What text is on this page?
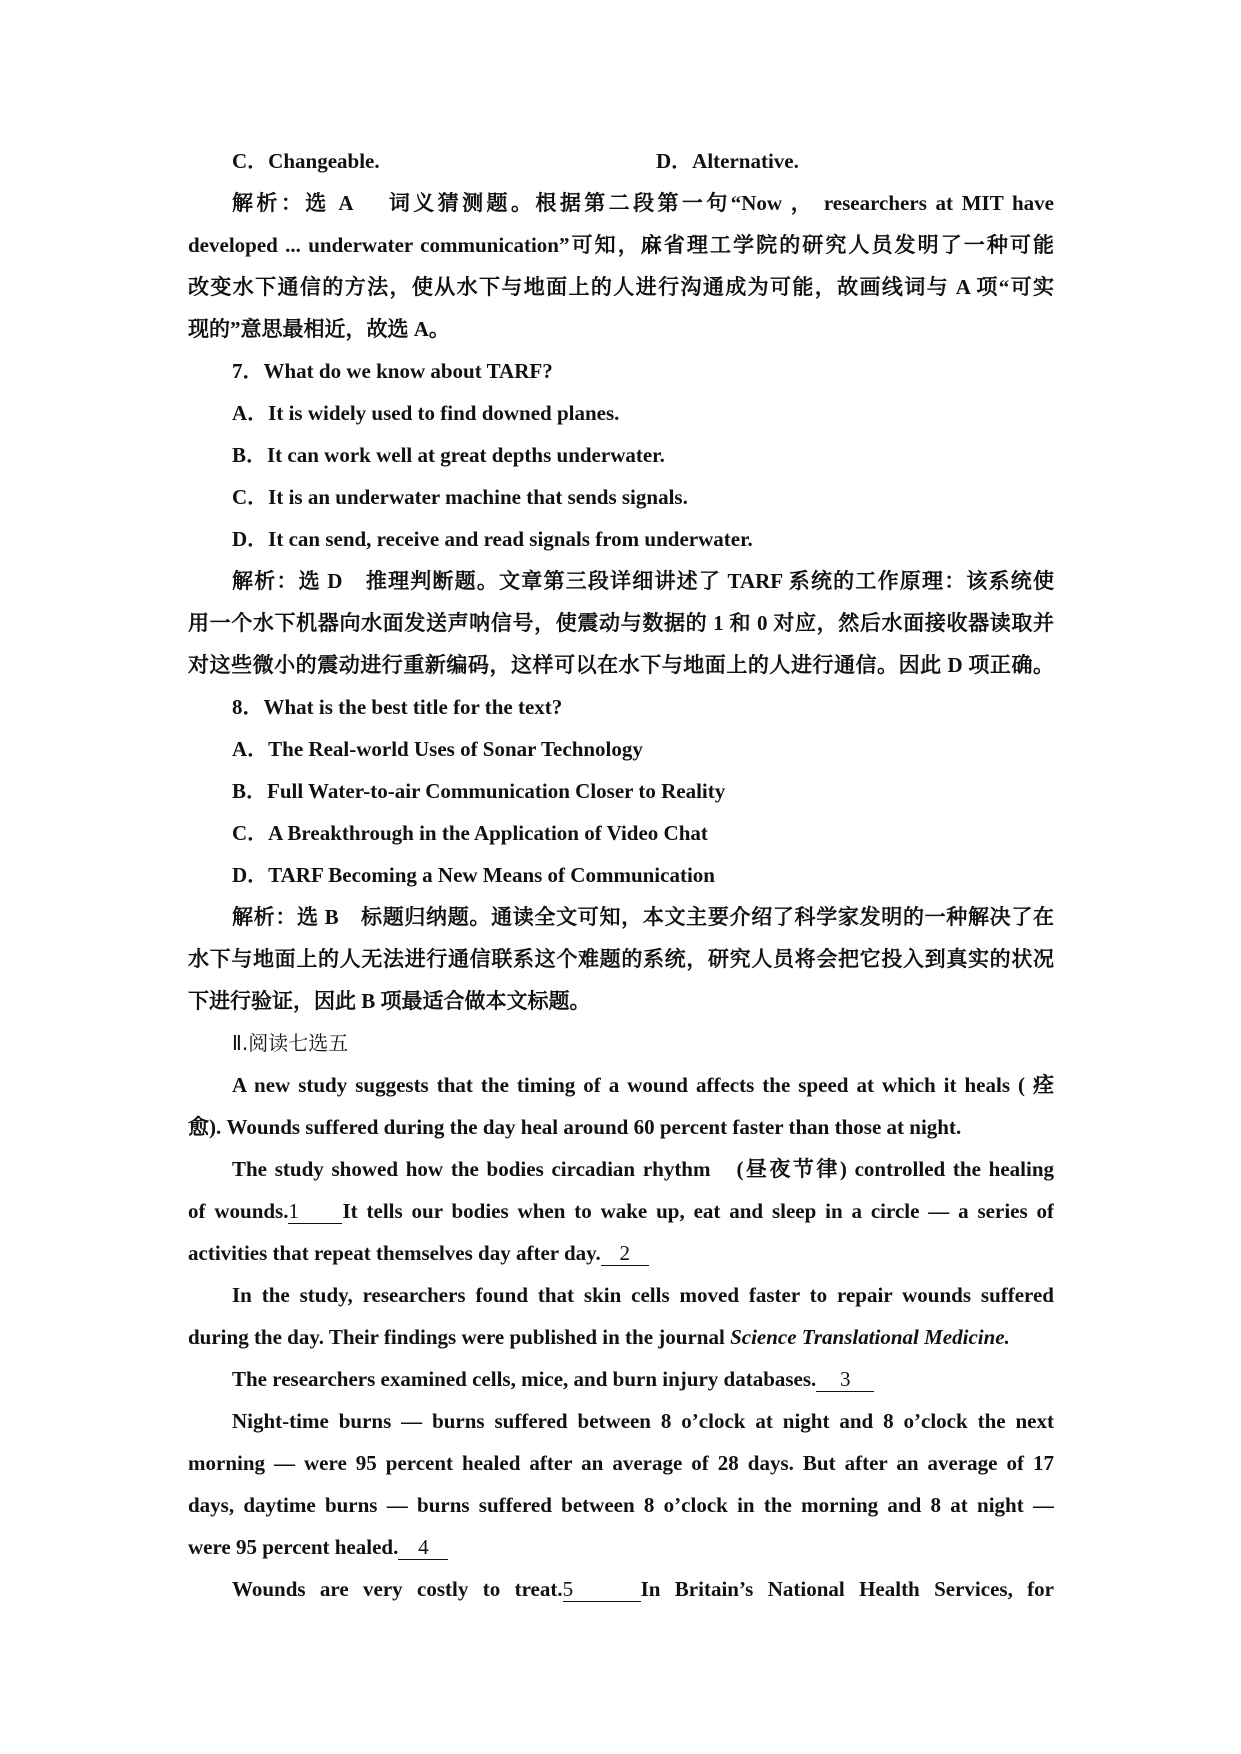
C．Changeable.	D．Alternative.
解析：选 A　 词义猜测题。根据第二段第一句“Now ， researchers at MIT have
developed ... underwater communication”可知，麻省理工学院的研究人员发明了一种可能
改变水下通信的方法，使从水下与地面上的人进行沟通成为可能，故画线词与 A 项“可实
现的”意思最相近，故选 A。
7．What do we know about TARF?
A．It is widely used to find downed planes.
B．It can work well at great depths underwater.
C．It is an underwater machine that sends signals.
D．It can send, receive and read signals from underwater.
解析：选 D　推理判断题。文章第三段详细讲述了 TARF 系统的工作原理：该系统使
用一个水下机器向水面发送声呐信号，使震动与数据的 1 和 0 对应，然后水面接收器读取并
对这些微小的震动进行重新编码，这样可以在水下与地面上的人进行通信。因此 D 项正确。
8．What is the best title for the text?
A．The Real-world Uses of Sonar Technology
B．Full Water-to-air Communication Closer to Reality
C．A Breakthrough in the Application of Video Chat
D．TARF Becoming a New Means of Communication
解析：选 B　标题归纳题。通读全文可知，本文主要介绍了科学家发明的一种解决了在
水下与地面上的人无法进行通信联系这个难题的系统，研究人员将会把它投入到真实的状况
下进行验证，因此 B 项最适合做本文标题。
Ⅱ.阅读七选五
A new study suggests that the timing of a wound affects the speed at which it heals ( 痊
愈). Wounds suffered during the day heal around 60 percent faster than those at night.
The study showed how the bodies circadian rhythm　(昼夜节律) controlled the healing
of wounds.1 It tells our bodies when to wake up, eat and sleep in a circle — a series of
activities that repeat themselves day after day. 2
In the study, researchers found that skin cells moved faster to repair wounds suffered
during the day. Their findings were published in the journal Science Translational Medicine.
The researchers examined cells, mice, and burn injury databases. 3
Night-time burns — burns suffered between 8 o’clock at night and 8 o’clock the next
morning — were 95 percent healed after an average of 28 days. But after an average of 17
days, daytime burns — burns suffered between 8 o’clock in the morning and 8 at night —
were 95 percent healed. 4
Wounds are very costly to treat.5	In Britain’s National Health Services, for
